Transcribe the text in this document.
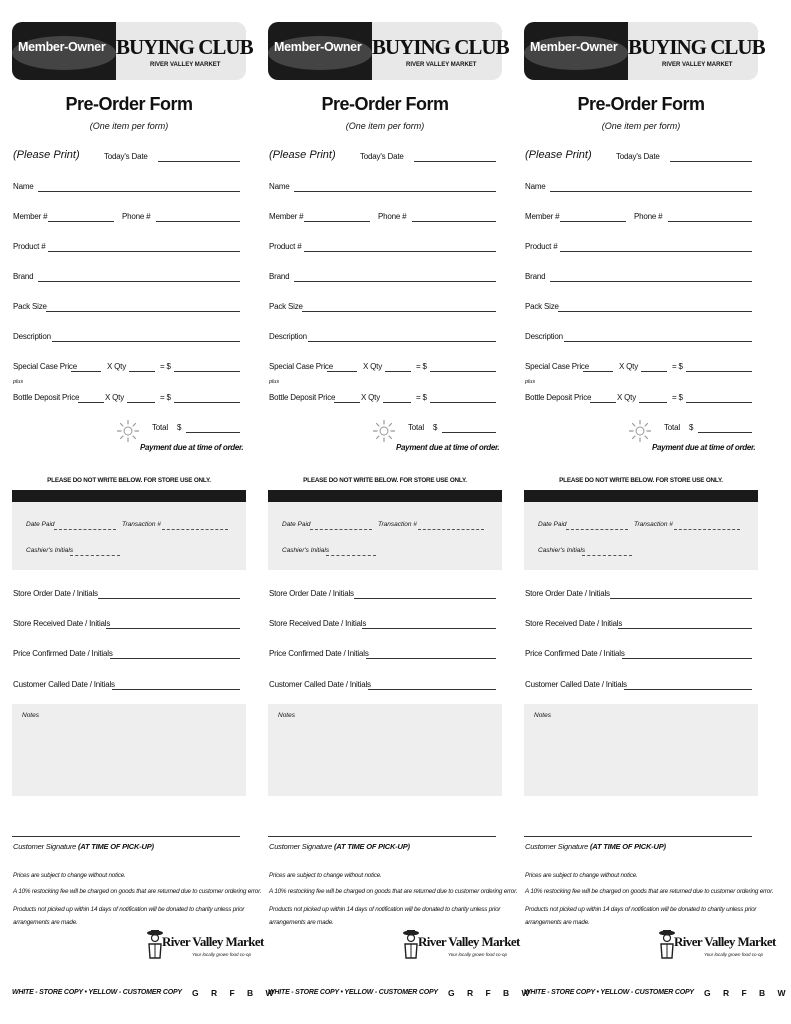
Member-Owner BUYING CLUB
RIVER VALLEY MARKET
Pre-Order Form
(One item per form)
(Please Print)	Today's Date
Name
Member #	Phone #
Product #
Brand
Pack Size
Description
Special Case Price	X Qty	= $
plus
Bottle Deposit Price	X Qty	= $
Total $
Payment due at time of order.
PLEASE DO NOT WRITE BELOW. FOR STORE USE ONLY.
Date Paid	Transaction #
Cashier's Initials
Store Order Date / Initials
Store Received Date / Initials
Price Confirmed Date / Initials
Customer Called Date / Initials
Notes
Customer Signature (AT TIME OF PICK-UP)
Prices are subject to change without notice.
A 10% restocking fee will be charged on goods that are returned due to customer ordering error.
Products not picked up within 14 days of notification will be donated to charity unless prior
arrangements are made.
River Valley Market
Your locally grown food co-op
WHITE - STORE COPY • YELLOW - CUSTOMER COPY G R F B W
Member-Owner BUYING CLUB
RIVER VALLEY MARKET
Pre-Order Form
(One item per form)
(Please Print)	Today's Date
Name
Member #	Phone #
Product #
Brand
Pack Size
Description
Special Case Price	X Qty	= $
plus
Bottle Deposit Price	X Qty	= $
Total $
Payment due at time of order.
PLEASE DO NOT WRITE BELOW. FOR STORE USE ONLY.
Date Paid	Transaction #
Cashier's Initials
Store Order Date / Initials
Store Received Date / Initials
Price Confirmed Date / Initials
Customer Called Date / Initials
Notes
Customer Signature (AT TIME OF PICK-UP)
Prices are subject to change without notice.
A 10% restocking fee will be charged on goods that are returned due to customer ordering error.
Products not picked up within 14 days of notification will be donated to charity unless prior
arrangements are made.
River Valley Market
Your locally grown food co-op
WHITE - STORE COPY • YELLOW - CUSTOMER COPY G R F B W
Member-Owner BUYING CLUB
RIVER VALLEY MARKET
Pre-Order Form
(One item per form)
(Please Print)	Today's Date
Name
Member #	Phone #
Product #
Brand
Pack Size
Description
Special Case Price	X Qty	= $
plus
Bottle Deposit Price	X Qty	= $
Total $
Payment due at time of order.
PLEASE DO NOT WRITE BELOW. FOR STORE USE ONLY.
Date Paid	Transaction #
Cashier's Initials
Store Order Date / Initials
Store Received Date / Initials
Price Confirmed Date / Initials
Customer Called Date / Initials
Notes
Customer Signature (AT TIME OF PICK-UP)
Prices are subject to change without notice.
A 10% restocking fee will be charged on goods that are returned due to customer ordering error.
Products not picked up within 14 days of notification will be donated to charity unless prior
arrangements are made.
River Valley Market
Your locally grown food co-op
WHITE - STORE COPY • YELLOW - CUSTOMER COPY G R F B W
